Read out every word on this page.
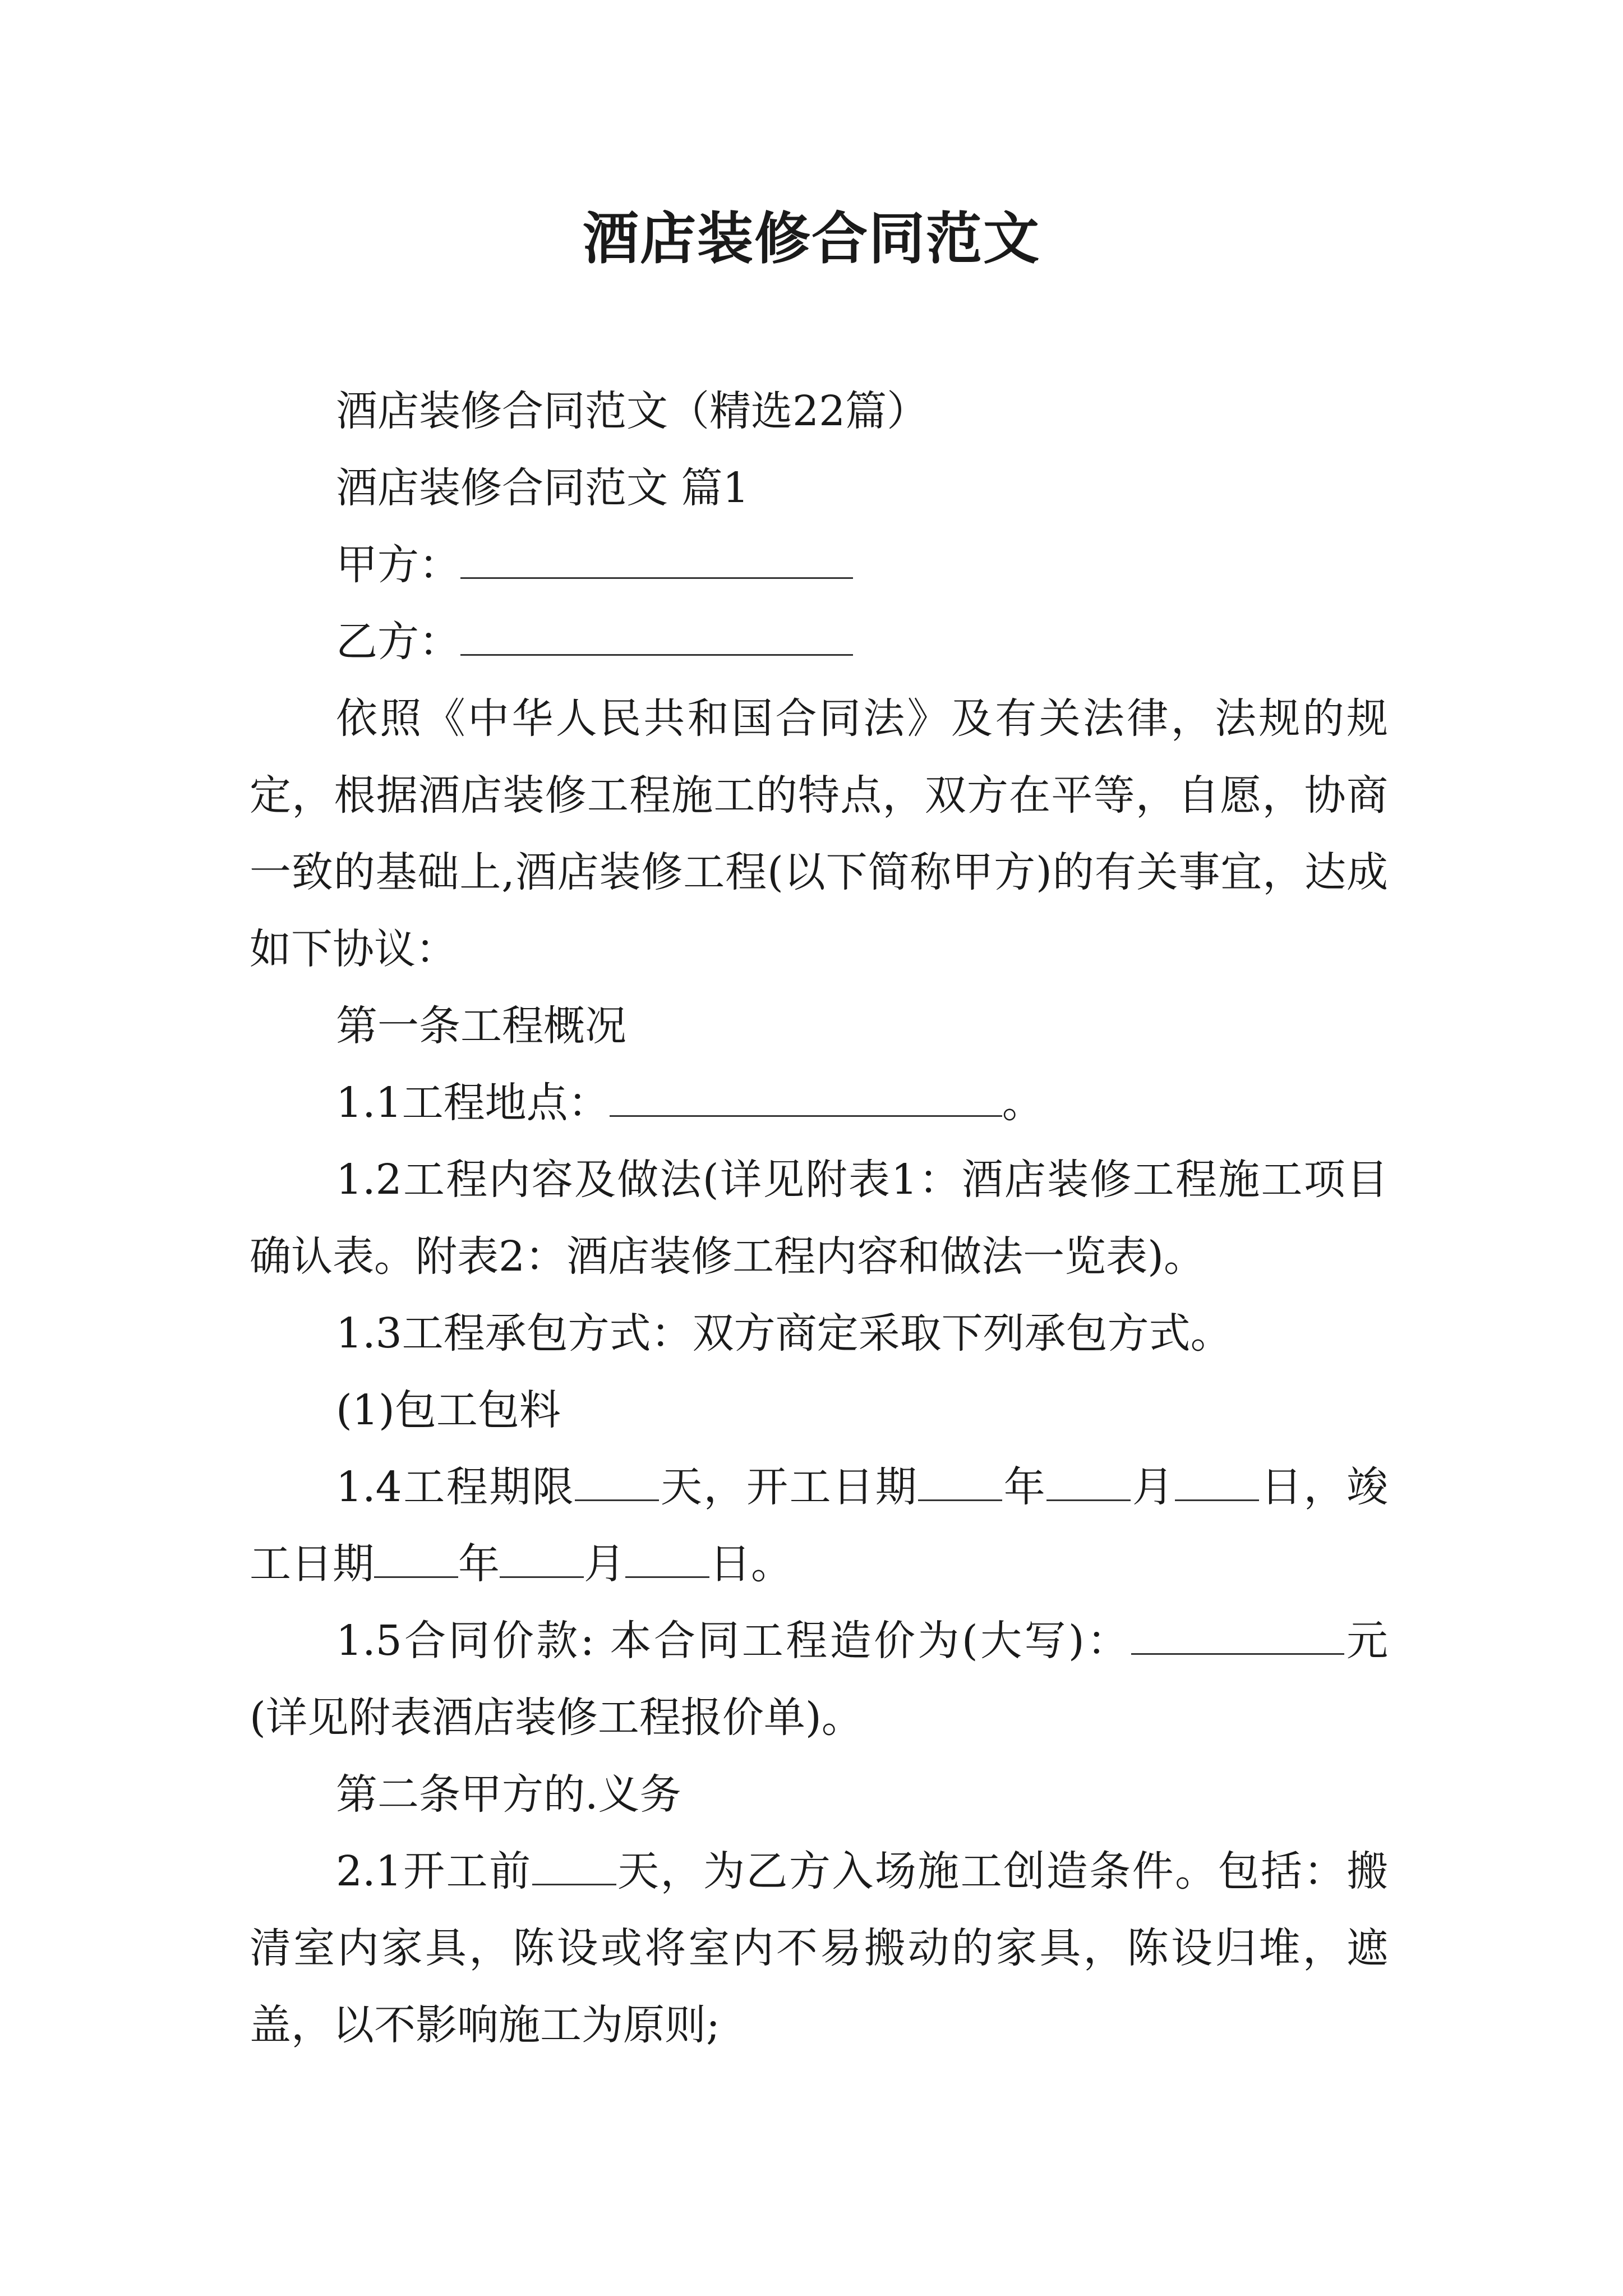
酒店装修合同范文

酒店装修合同范文（精选22篇）

酒店装修合同范文 篇1

甲方：

乙方：

依照《中华人民共和国合同法》及有关法律，法规的规定，根据酒店装修工程施工的特点，双方在平等，自愿，协商一致的基础上,酒店装修工程(以下简称甲方)的有关事宜，达成如下协议：

第一条工程概况

1.1工程地点：	。

1.2工程内容及做法(详见附表1：酒店装修工程施工项目确认表。附表2：酒店装修工程内容和做法一览表)。

1.3工程承包方式：双方商定采取下列承包方式。

(1)包工包料

1.4工程期限 天，开工日期 年 月 日，竣工日期 年 月 日。

1.5合同价款: 本合同工程造价为(大写)：	元(详见附表酒店装修工程报价单)。

第二条甲方的.义务

2.1开工前 天，为乙方入场施工创造条件。包括：搬清室内家具，陈设或将室内不易搬动的家具，陈设归堆，遮盖，以不影响施工为原则;
